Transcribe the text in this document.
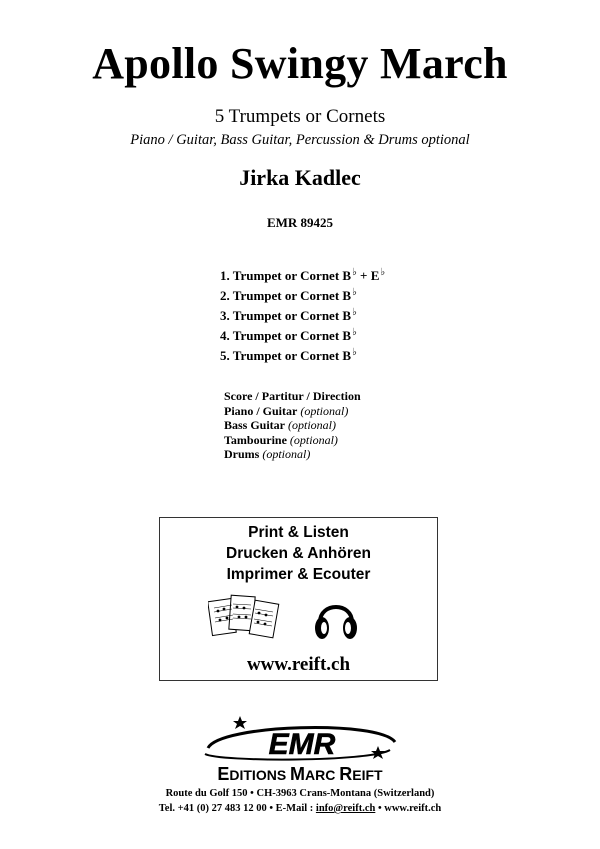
Apollo Swingy March
5 Trumpets or Cornets
Piano / Guitar, Bass Guitar, Percussion & Drums optional
Jirka Kadlec
EMR 89425
1. Trumpet or Cornet B♭ + E♭
2. Trumpet or Cornet B♭
3. Trumpet or Cornet B♭
4. Trumpet or Cornet B♭
5. Trumpet or Cornet B♭
Score / Partitur / Direction
Piano / Guitar (optional)
Bass Guitar (optional)
Tambourine (optional)
Drums (optional)
Print & Listen
Drucken & Anhören
Imprimer & Ecouter
www.reift.ch
EMR
EDITIONS MARC REIFT
Route du Golf 150 • CH-3963 Crans-Montana (Switzerland)
Tel. +41 (0) 27 483 12 00 • E-Mail : info@reift.ch • www.reift.ch
